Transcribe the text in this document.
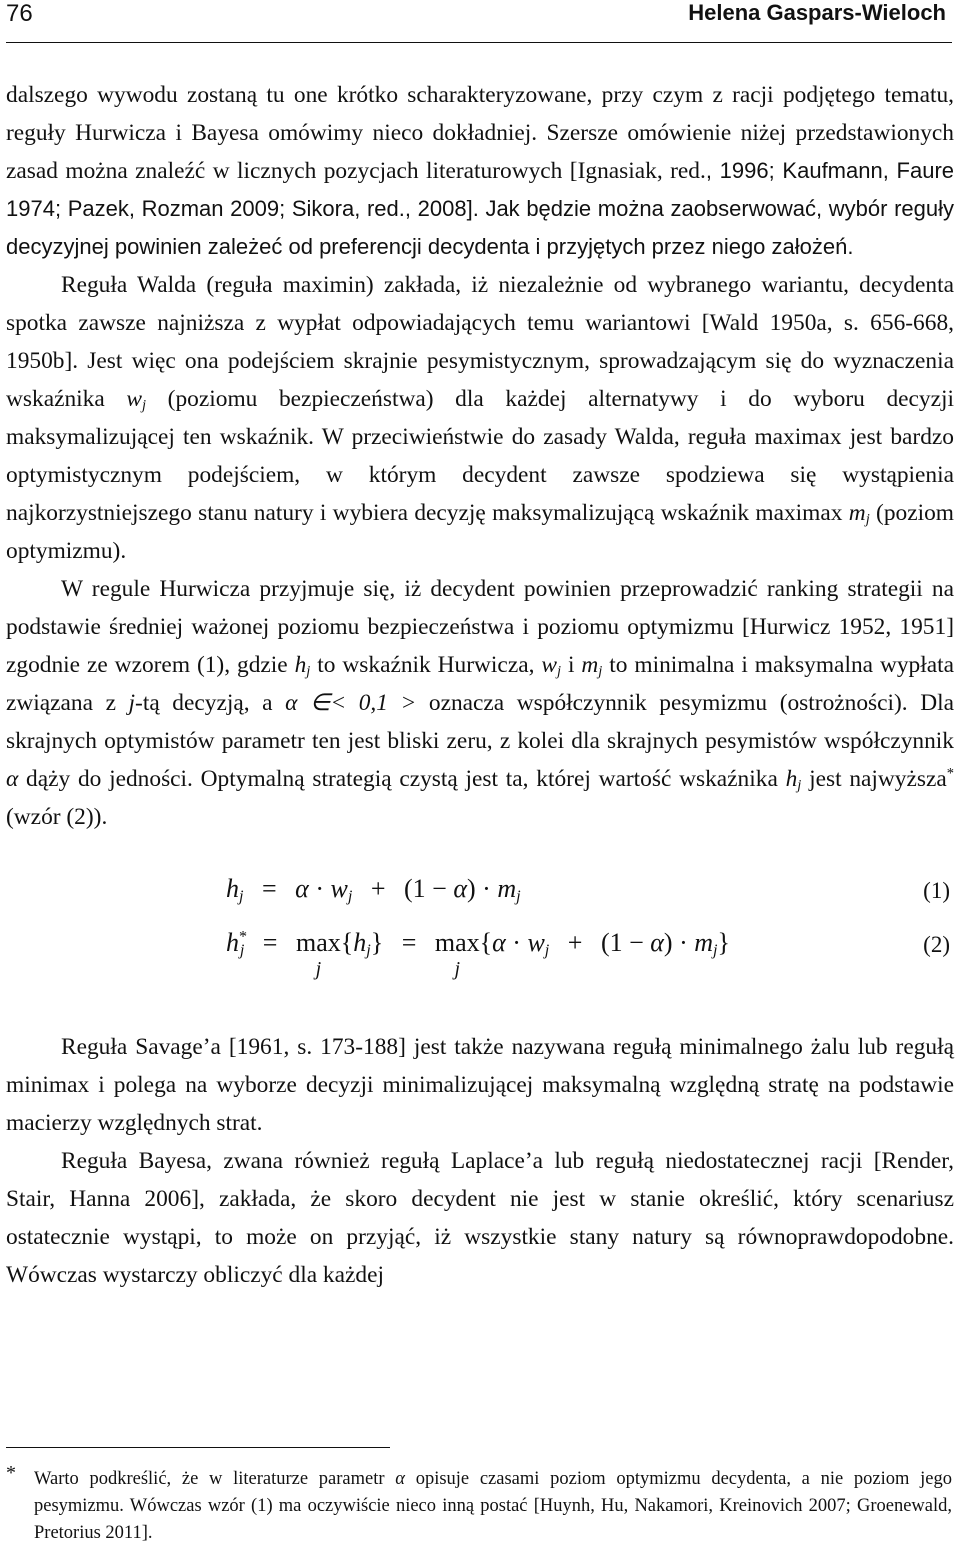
76	Helena Gaspars-Wieloch

dalszego wywodu zostaną tu one krótko scharakteryzowane, przy czym z racji podjętego tematu, reguły Hurwicza i Bayesa omówimy nieco dokładniej. Szersze omówienie niżej przedstawionych zasad można znaleźć w licznych pozycjach literaturowych [Ignasiak, red., 1996; Kaufmann, Faure 1974; Pazek, Rozman 2009; Sikora, red., 2008]. Jak będzie można zaobserwować, wybór reguły decyzyjnej powinien zależeć od preferencji decydenta i przyjętych przez niego założeń.

Reguła Walda (reguła maximin) zakłada, iż niezależnie od wybranego wariantu, decydenta spotka zawsze najniższa z wypłat odpowiadających temu wariantowi [Wald 1950a, s. 656-668, 1950b]. Jest więc ona podejściem skrajnie pesymistycznym, sprowadzającym się do wyznaczenia wskaźnika $w_j$ (poziomu bezpieczeństwa) dla każdej alternatywy i do wyboru decyzji maksymalizującej ten wskaźnik. W przeciwieństwie do zasady Walda, reguła maximax jest bardzo optymistycznym podejściem, w którym decydent zawsze spodziewa się wystąpienia najkorzystniejszego stanu natury i wybiera decyzję maksymalizującą wskaźnik maximax $m_j$ (poziom optymizmu).

W regule Hurwicza przyjmuje się, iż decydent powinien przeprowadzić ranking strategii na podstawie średniej ważonej poziomu bezpieczeństwa i poziomu optymizmu [Hurwicz 1952, 1951] zgodnie ze wzorem (1), gdzie $h_j$ to wskaźnik Hurwicza, $w_j$ i $m_j$ to minimalna i maksymalna wypłata związana z j-tą decyzją, a α ∈< 0,1 > oznacza współczynnik pesymizmu (ostrożności). Dla skrajnych optymistów parametr ten jest bliski zeru, z kolei dla skrajnych pesymistów współczynnik α dąży do jedności. Optymalną strategią czystą jest ta, której wartość wskaźnika $h_j$ jest najwyższa* (wzór (2)).

$h_j = \alpha \cdot w_j + (1 - \alpha) \cdot m_j$	(1)
$h^*_j = \max$
j
$\{h_j\} = \max$
j
$\{\alpha \cdot w_j + (1 - \alpha) \cdot m_j\}$	(2)

Reguła Savage’a [1961, s. 173-188] jest także nazywana regułą minimalnego żalu lub regułą minimax i polega na wyborze decyzji minimalizującej maksymalną względną stratę na podstawie macierzy względnych strat.

Reguła Bayesa, zwana również regułą Laplace’a lub regułą niedostatecznej racji [Render, Stair, Hanna 2006], zakłada, że skoro decydent nie jest w stanie określić, który scenariusz ostatecznie wystąpi, to może on przyjąć, iż wszystkie stany natury są równoprawdopodobne. Wówczas wystarczy obliczyć dla każdej

* Warto podkreślić, że w literaturze parametr α opisuje czasami poziom optymizmu decydenta, a nie poziom jego pesymizmu. Wówczas wzór (1) ma oczywiście nieco inną postać [Huynh, Hu, Nakamori, Kreinovich 2007; Groenewald, Pretorius 2011].
